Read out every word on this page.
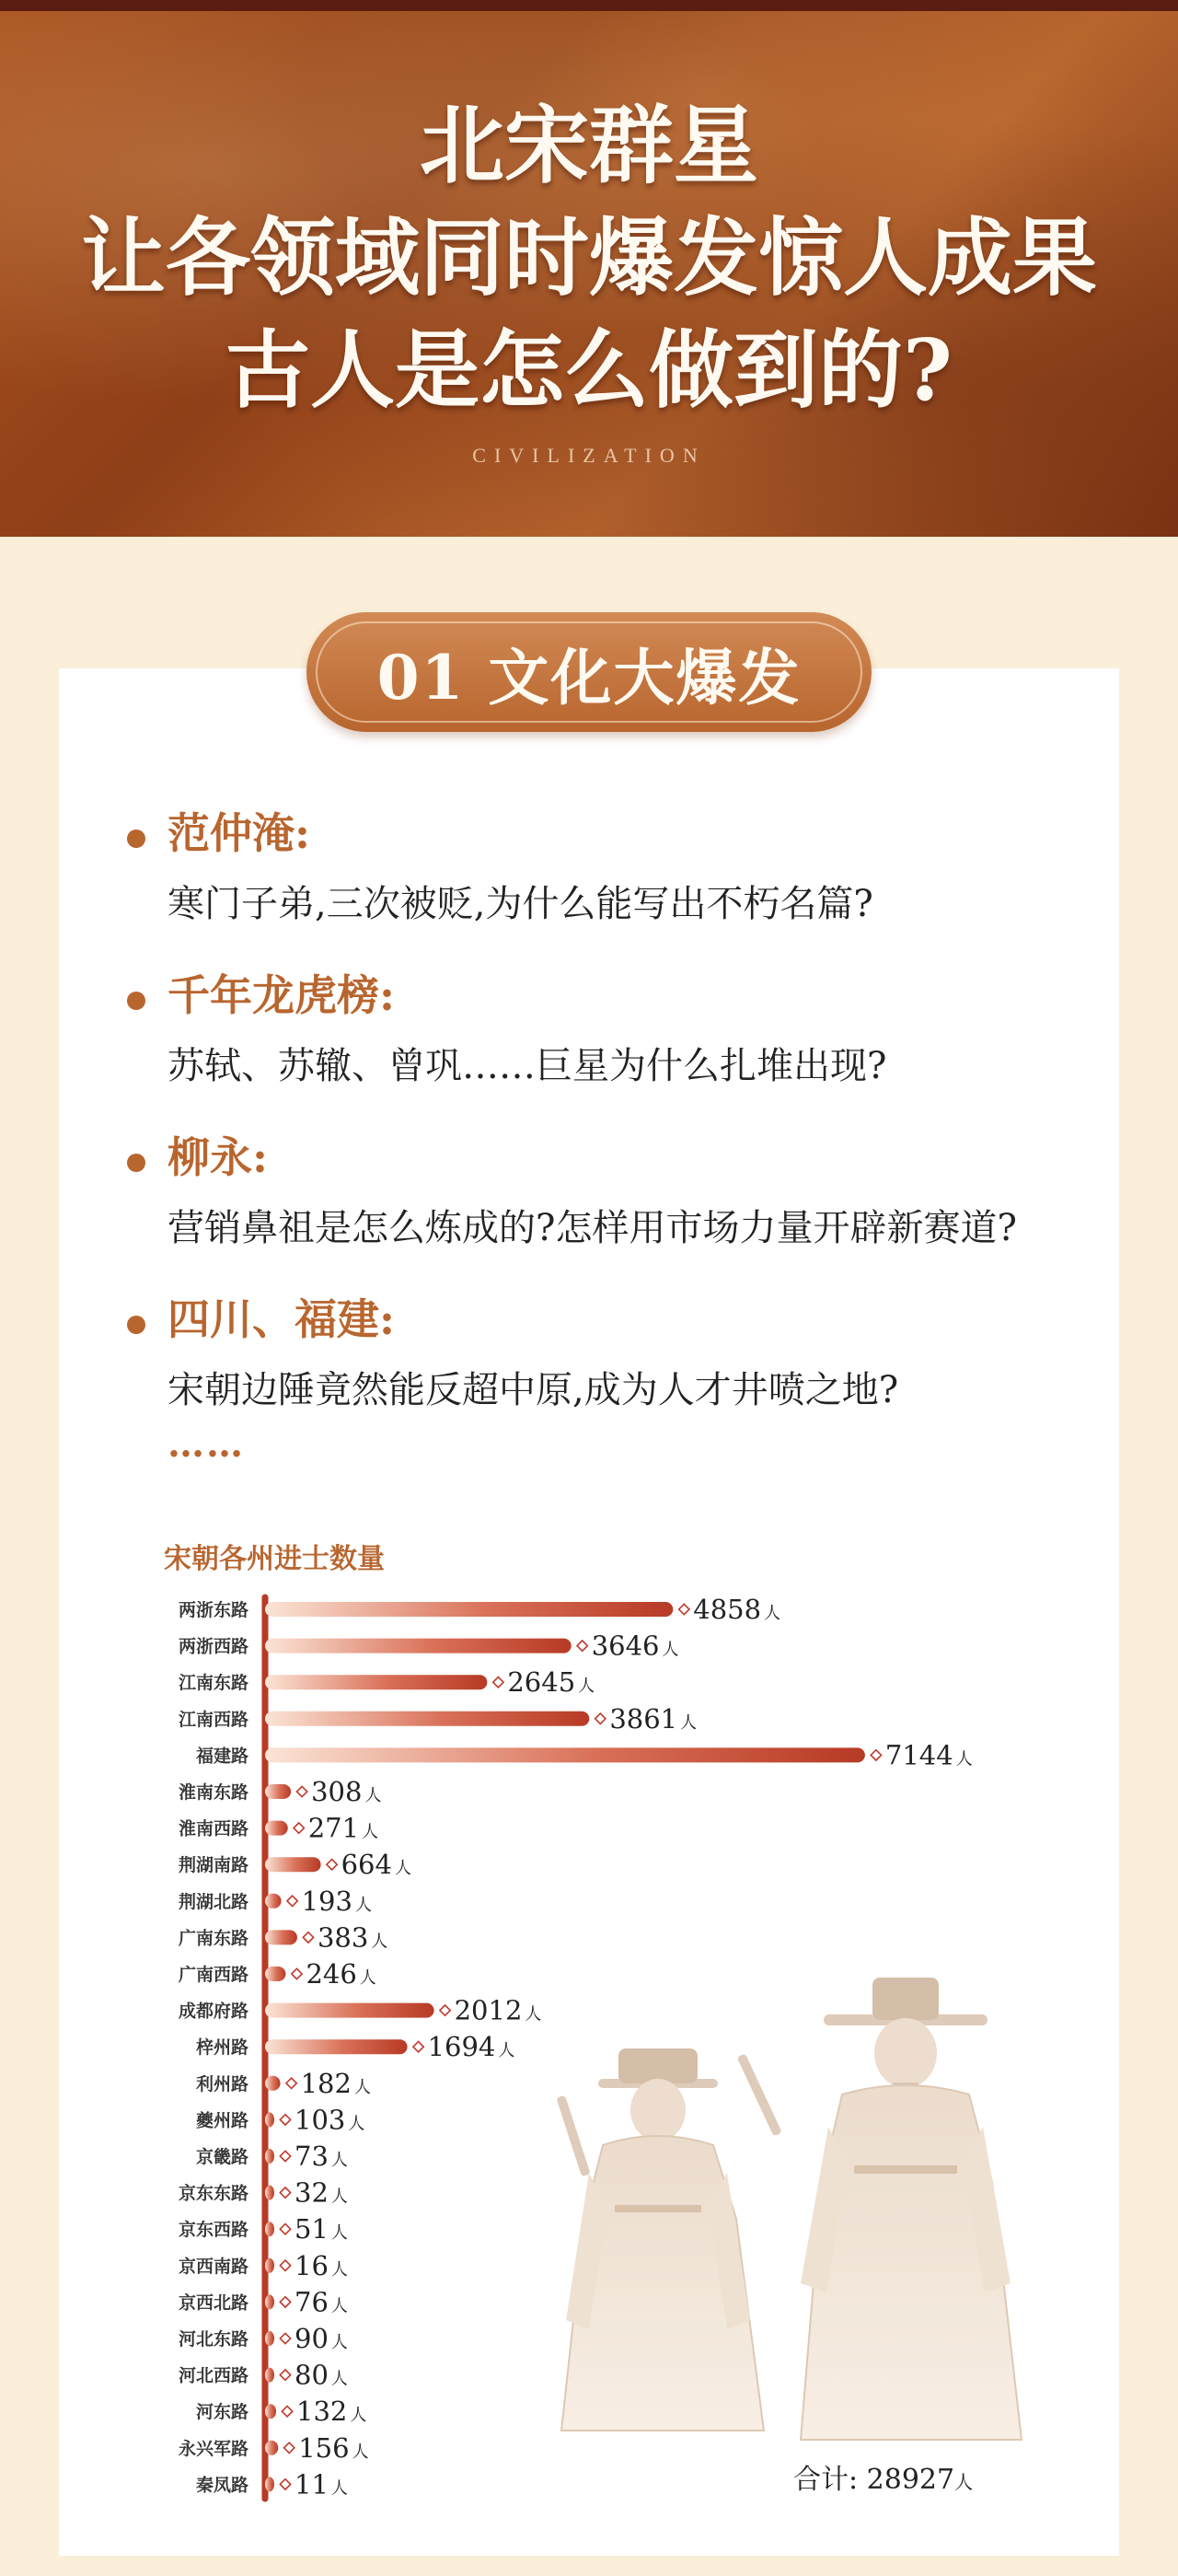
北宋群星
让各领域同时爆发惊人成果
古人是怎么做到的?
CIVILIZATION
01 文化大爆发
范仲淹:
寒门子弟,三次被贬,为什么能写出不朽名篇?
千年龙虎榜:
苏轼、苏辙、曾巩……巨星为什么扎堆出现?
柳永:
营销鼻祖是怎么炼成的?怎样用市场力量开辟新赛道?
四川、福建:
宋朝边陲竟然能反超中原,成为人才井喷之地?
……
宋朝各州进士数量
两浙东路
两浙西路
江南东路
江南西路
福建路
淮南东路
淮南西路
荆湖南路
荆湖北路
广南东路
广南西路
成都府路
梓州路
利州路
夔州路
京畿路
京东东路
京东西路
京西南路
京西北路
河北东路
河北西路
河东路
永兴军路
秦凤路
4858 人
3646 人
2645 人
3861 人
7144 人
308 人
271 人
664 人
193 人
383 人
246 人
2012 人
1694 人
182 人
103 人
73 人
32 人
51 人
16 人
76 人
90 人
80 人
132 人
156 人
11 人	合计: 28927人
